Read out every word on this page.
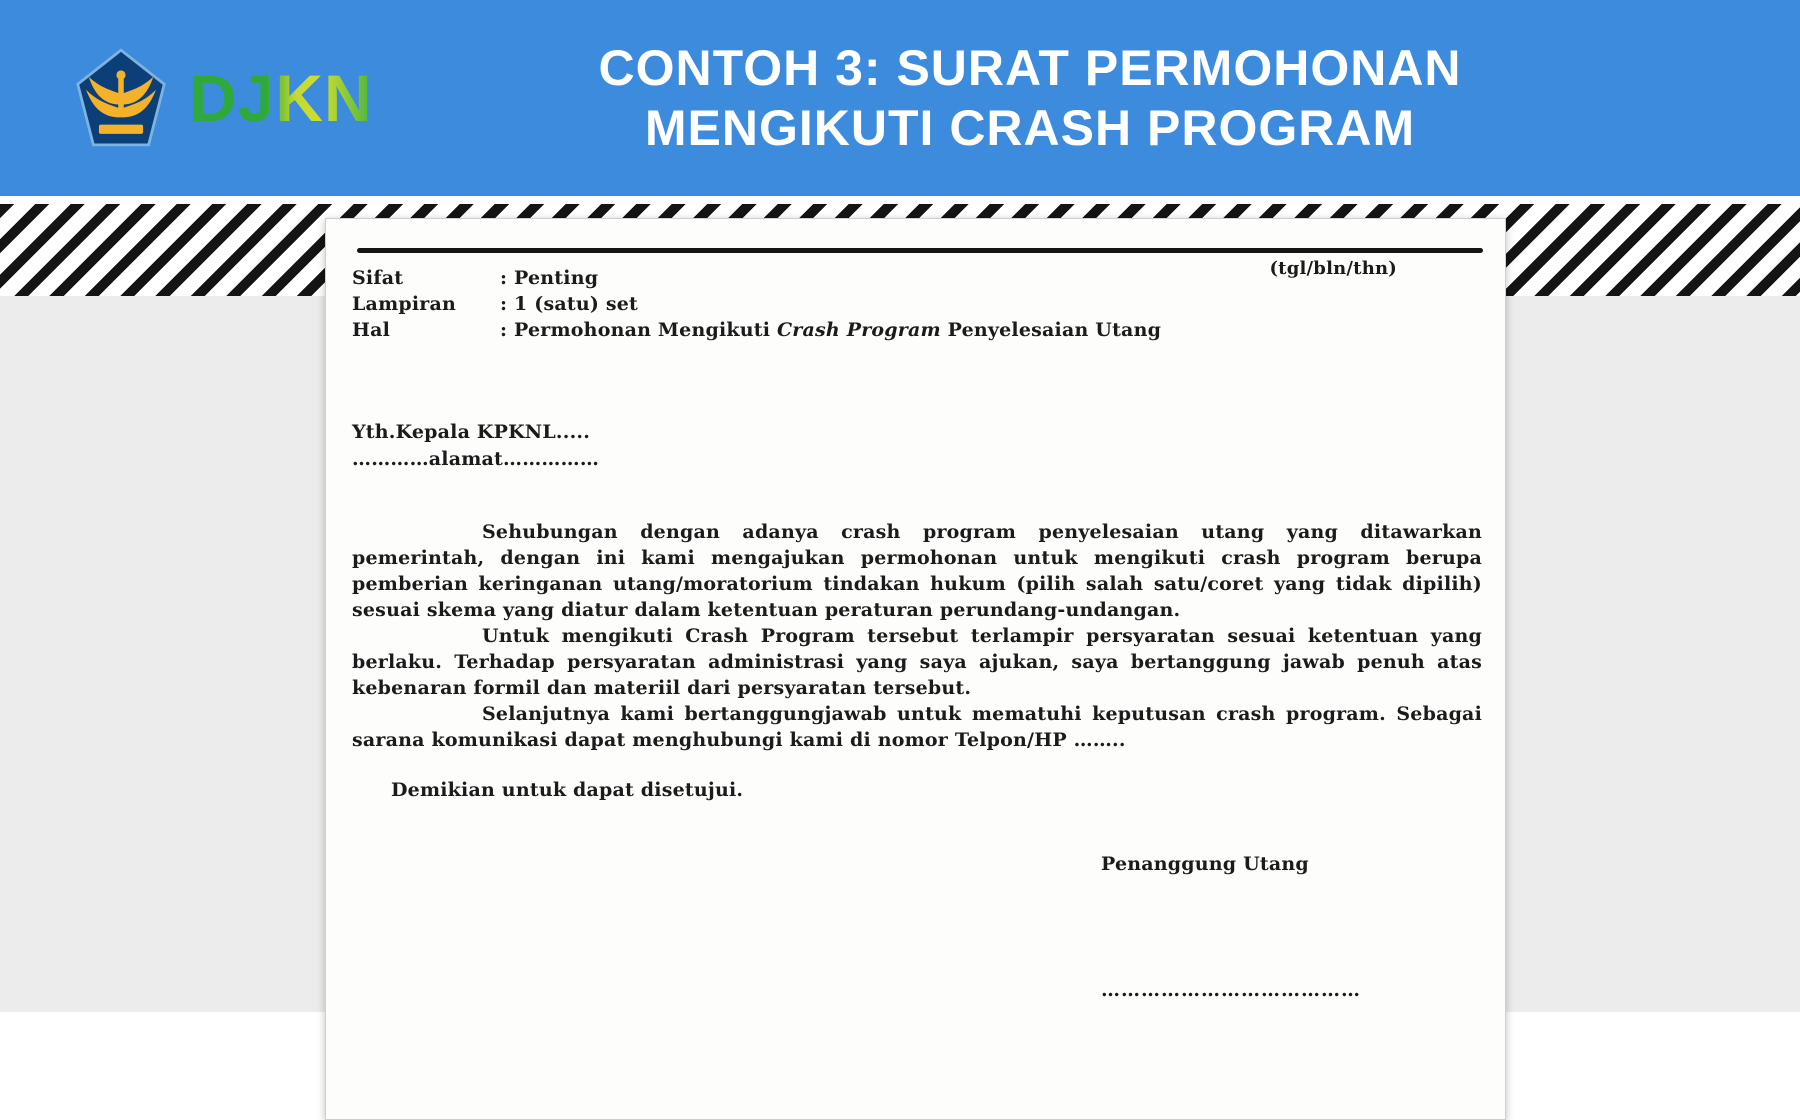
DJKN	CONTOH 3: SURAT PERMOHONAN
MENGIKUTI CRASH PROGRAM
(tgl/bln/thn)
Sifat	: Penting
Lampiran	: 1 (satu) set
Hal	: Permohonan Mengikuti Crash Program Penyelesaian Utang
Yth.Kepala KPKNL.....
…………alamat……………

Sehubungan dengan adanya crash program penyelesaian utang yang ditawarkan pemerintah, dengan ini kami mengajukan permohonan untuk mengikuti crash program berupa pemberian keringanan utang/moratorium tindakan hukum (pilih salah satu/coret yang tidak dipilih) sesuai skema yang diatur dalam ketentuan peraturan perundang-undangan.

Untuk mengikuti Crash Program tersebut terlampir persyaratan sesuai ketentuan yang berlaku. Terhadap persyaratan administrasi yang saya ajukan, saya bertanggung jawab penuh atas kebenaran formil dan materiil dari persyaratan tersebut.

Selanjutnya kami bertanggungjawab untuk mematuhi keputusan crash program. Sebagai sarana komunikasi dapat menghubungi kami di nomor Telpon/HP ……..

Demikian untuk dapat disetujui.
Penanggung Utang
…………………………………
